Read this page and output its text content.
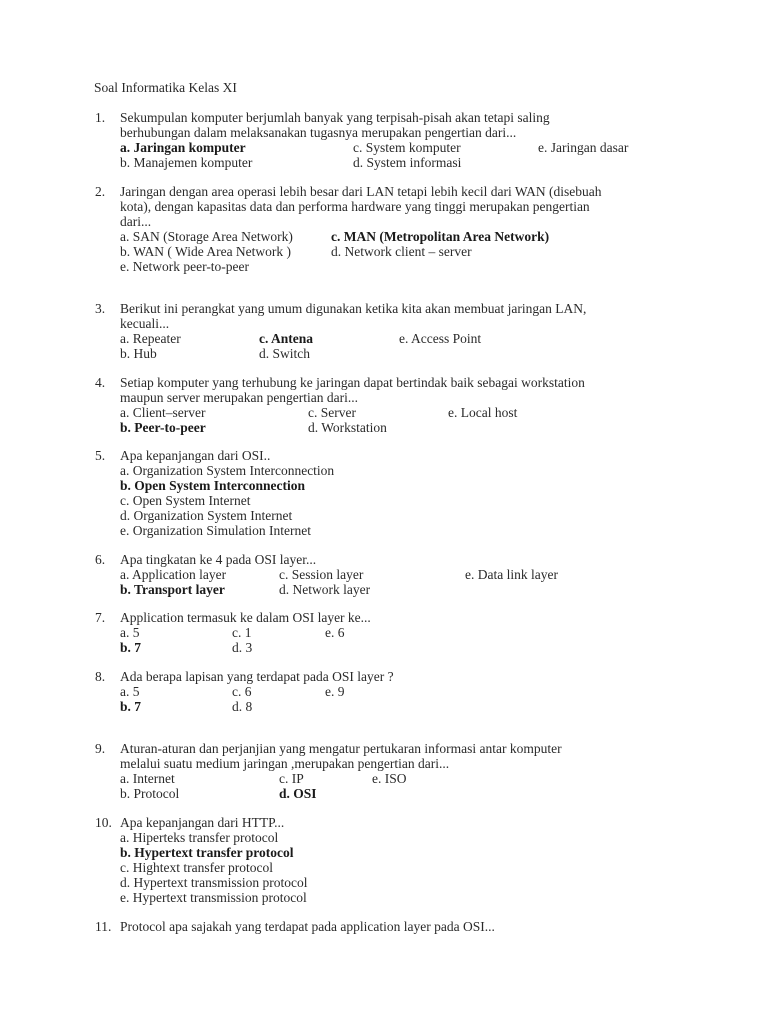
Soal Informatika Kelas XI
1. Sekumpulan komputer berjumlah banyak yang terpisah-pisah akan tetapi saling
berhubungan dalam melaksanakan tugasnya merupakan pengertian dari...
a. Jaringan komputer	c. System komputer	e. Jaringan dasar
b. Manajemen komputer	d. System informasi
2. Jaringan dengan area operasi lebih besar dari LAN tetapi lebih kecil dari WAN (disebuah
kota), dengan kapasitas data dan performa hardware yang tinggi merupakan pengertian
dari...
a. SAN (Storage Area Network)	c. MAN (Metropolitan Area Network)
b. WAN ( Wide Area Network )	d. Network client – server
e. Network peer-to-peer
3. Berikut ini perangkat yang umum digunakan ketika kita akan membuat jaringan LAN,
kecuali...
a. Repeater	c. Antena	e. Access Point
b. Hub	d. Switch
4. Setiap komputer yang terhubung ke jaringan dapat bertindak baik sebagai workstation
maupun server merupakan pengertian dari...
a. Client–server	c. Server	e. Local host
b. Peer-to-peer	d. Workstation
5. Apa kepanjangan dari OSI..
a. Organization System Interconnection
b. Open System Interconnection
c. Open System Internet
d. Organization System Internet
e. Organization Simulation Internet
6. Apa tingkatan ke 4 pada OSI layer...
a. Application layer	c. Session layer	e. Data link layer
b. Transport layer	d. Network layer
7. Application termasuk ke dalam OSI layer ke...
a. 5	c. 1	e. 6
b. 7	d. 3
8. Ada berapa lapisan yang terdapat pada OSI layer ?
a. 5	c. 6	e. 9
b. 7	d. 8
9. Aturan-aturan dan perjanjian yang mengatur pertukaran informasi antar komputer
melalui suatu medium jaringan ,merupakan pengertian dari...
a. Internet	c. IP	e. ISO
b. Protocol	d. OSI
10. Apa kepanjangan dari HTTP...
a. Hiperteks transfer protocol
b. Hypertext transfer protocol
c. Hightext transfer protocol
d. Hypertext transmission protocol
e. Hypertext transmission protocol
11. Protocol apa sajakah yang terdapat pada application layer pada OSI...
